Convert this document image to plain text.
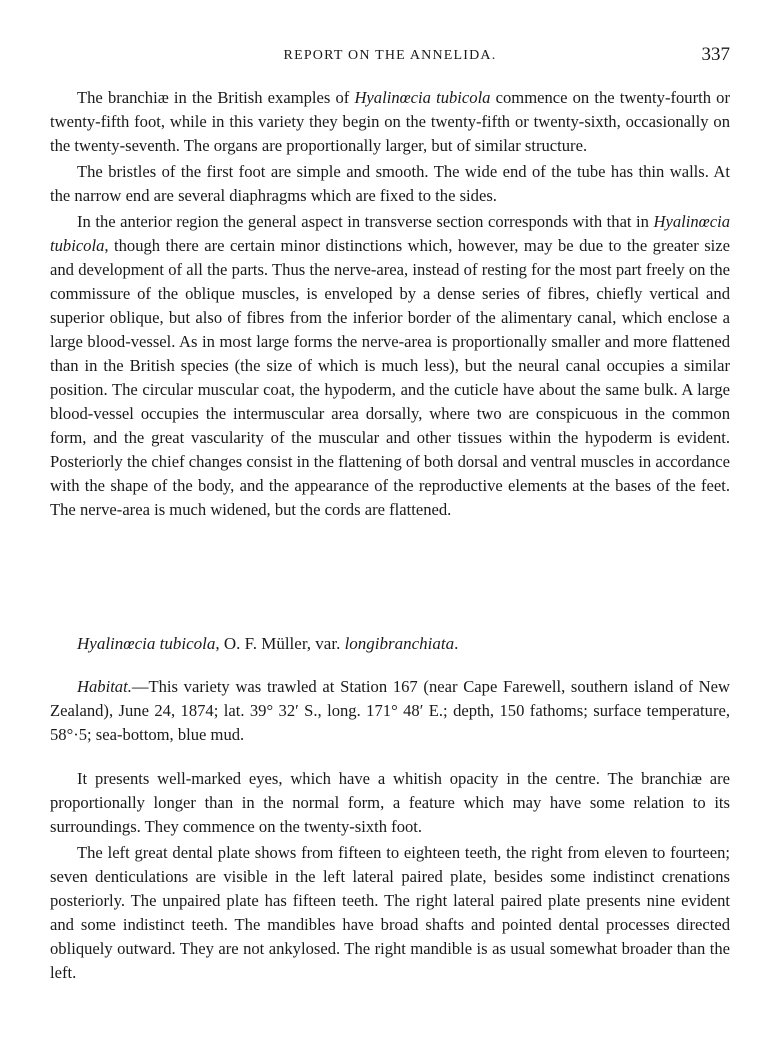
REPORT ON THE ANNELIDA.	337

The branchiæ in the British examples of Hyalinœcia tubicola commence on the twenty-fourth or twenty-fifth foot, while in this variety they begin on the twenty-fifth or twenty-sixth, occasionally on the twenty-seventh. The organs are proportionally larger, but of similar structure.

The bristles of the first foot are simple and smooth. The wide end of the tube has thin walls. At the narrow end are several diaphragms which are fixed to the sides.

In the anterior region the general aspect in transverse section corresponds with that in Hyalinœcia tubicola, though there are certain minor distinctions which, however, may be due to the greater size and development of all the parts. Thus the nerve-area, instead of resting for the most part freely on the commissure of the oblique muscles, is enveloped by a dense series of fibres, chiefly vertical and superior oblique, but also of fibres from the inferior border of the alimentary canal, which enclose a large blood-vessel. As in most large forms the nerve-area is proportionally smaller and more flattened than in the British species (the size of which is much less), but the neural canal occupies a similar position. The circular muscular coat, the hypoderm, and the cuticle have about the same bulk. A large blood-vessel occupies the intermuscular area dorsally, where two are conspicuous in the common form, and the great vascularity of the muscular and other tissues within the hypoderm is evident. Posteriorly the chief changes consist in the flattening of both dorsal and ventral muscles in accordance with the shape of the body, and the appearance of the reproductive elements at the bases of the feet. The nerve-area is much widened, but the cords are flattened.

Hyalinœcia tubicola, O. F. Müller, var. longibranchiata.

Habitat.—This variety was trawled at Station 167 (near Cape Farewell, southern island of New Zealand), June 24, 1874; lat. 39° 32′ S., long. 171° 48′ E.; depth, 150 fathoms; surface temperature, 58°·5; sea-bottom, blue mud.

It presents well-marked eyes, which have a whitish opacity in the centre. The branchiæ are proportionally longer than in the normal form, a feature which may have some relation to its surroundings. They commence on the twenty-sixth foot.

The left great dental plate shows from fifteen to eighteen teeth, the right from eleven to fourteen; seven denticulations are visible in the left lateral paired plate, besides some indistinct crenations posteriorly. The unpaired plate has fifteen teeth. The right lateral paired plate presents nine evident and some indistinct teeth. The mandibles have broad shafts and pointed dental processes directed obliquely outward. They are not ankylosed. The right mandible is as usual somewhat broader than the left.
